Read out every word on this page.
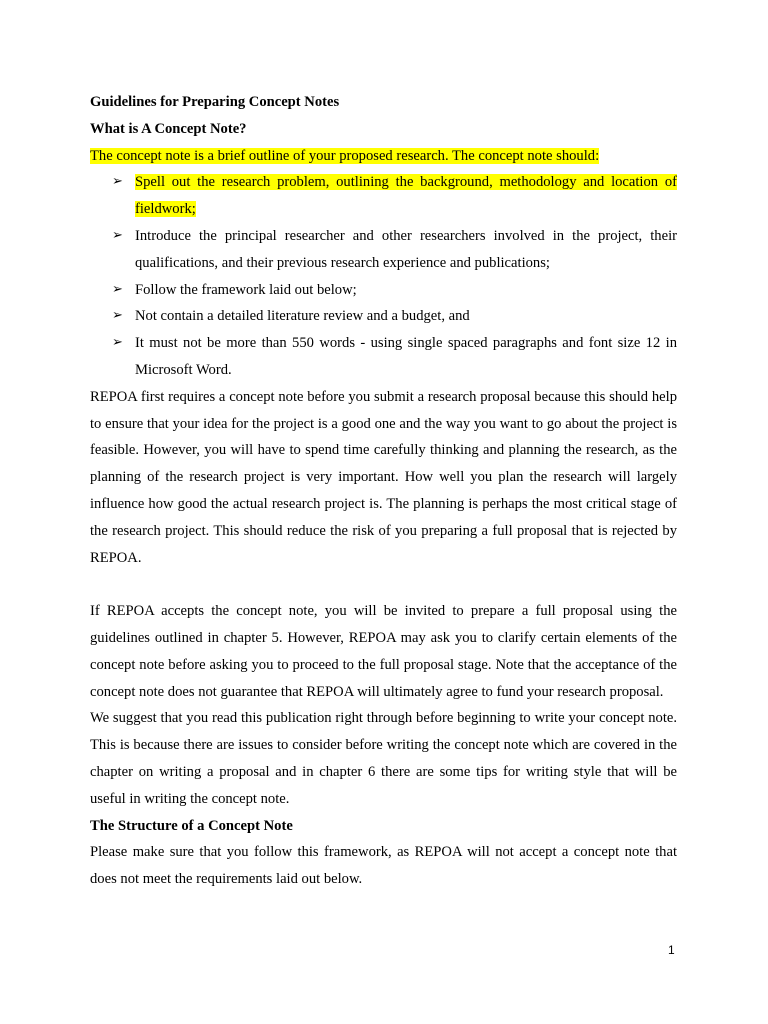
Guidelines for Preparing Concept Notes

What is A Concept Note?

The concept note is a brief outline of your proposed research. The concept note should:

➢ Spell out the research problem, outlining the background, methodology and location of fieldwork;
➢ Introduce the principal researcher and other researchers involved in the project, their qualifications, and their previous research experience and publications;
➢ Follow the framework laid out below;
➢ Not contain a detailed literature review and a budget, and
➢ It must not be more than 550 words - using single spaced paragraphs and font size 12 in Microsoft Word.

REPOA first requires a concept note before you submit a research proposal because this should help to ensure that your idea for the project is a good one and the way you want to go about the project is feasible. However, you will have to spend time carefully thinking and planning the research, as the planning of the research project is very important. How well you plan the research will largely influence how good the actual research project is. The planning is perhaps the most critical stage of the research project. This should reduce the risk of you preparing a full proposal that is rejected by REPOA.

If REPOA accepts the concept note, you will be invited to prepare a full proposal using the guidelines outlined in chapter 5. However, REPOA may ask you to clarify certain elements of the concept note before asking you to proceed to the full proposal stage. Note that the acceptance of the concept note does not guarantee that REPOA will ultimately agree to fund your research proposal.

We suggest that you read this publication right through before beginning to write your concept note. This is because there are issues to consider before writing the concept note which are covered in the chapter on writing a proposal and in chapter 6 there are some tips for writing style that will be useful in writing the concept note.

The Structure of a Concept Note

Please make sure that you follow this framework, as REPOA will not accept a concept note that does not meet the requirements laid out below.

1
